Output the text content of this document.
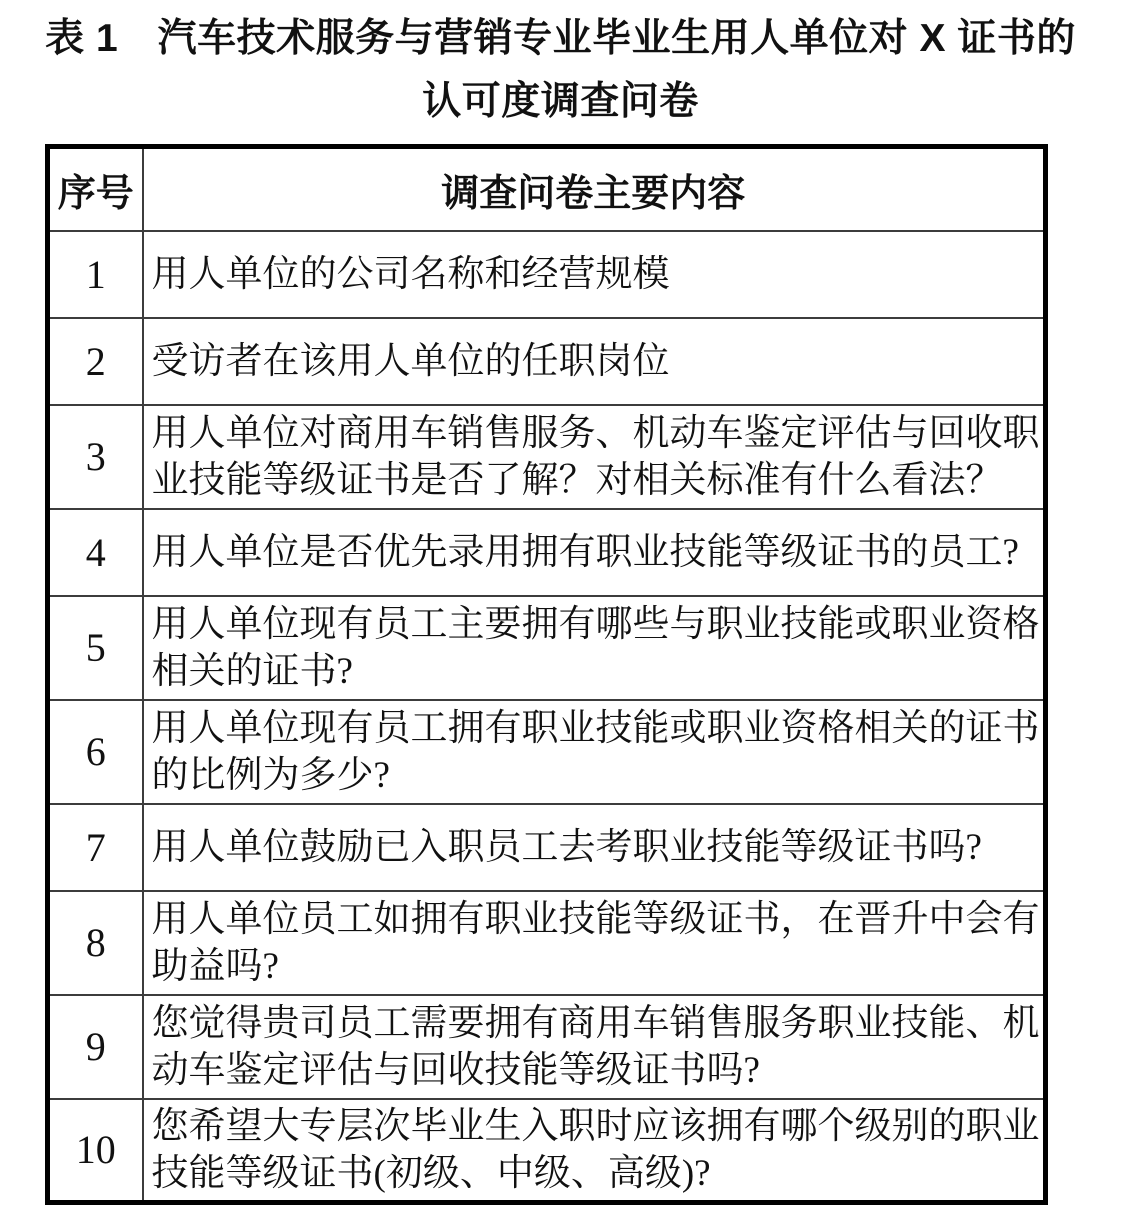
表 1　汽车技术服务与营销专业毕业生用人单位对 X 证书的
认可度调查问卷
序号	调查问卷主要内容
1	用人单位的公司名称和经营规模

2	受访者在该用人单位的任职岗位

3	用人单位对商用车销售服务、机动车鉴定评估与回收职
业技能等级证书是否了解？对相关标准有什么看法？

4	用人单位是否优先录用拥有职业技能等级证书的员工?

5	用人单位现有员工主要拥有哪些与职业技能或职业资格
相关的证书?

6	用人单位现有员工拥有职业技能或职业资格相关的证书
的比例为多少?

7	用人单位鼓励已入职员工去考职业技能等级证书吗?

8	用人单位员工如拥有职业技能等级证书，在晋升中会有
助益吗?

9	您觉得贵司员工需要拥有商用车销售服务职业技能、机
动车鉴定评估与回收技能等级证书吗?

10	您希望大专层次毕业生入职时应该拥有哪个级别的职业
技能等级证书(初级、中级、高级)?
